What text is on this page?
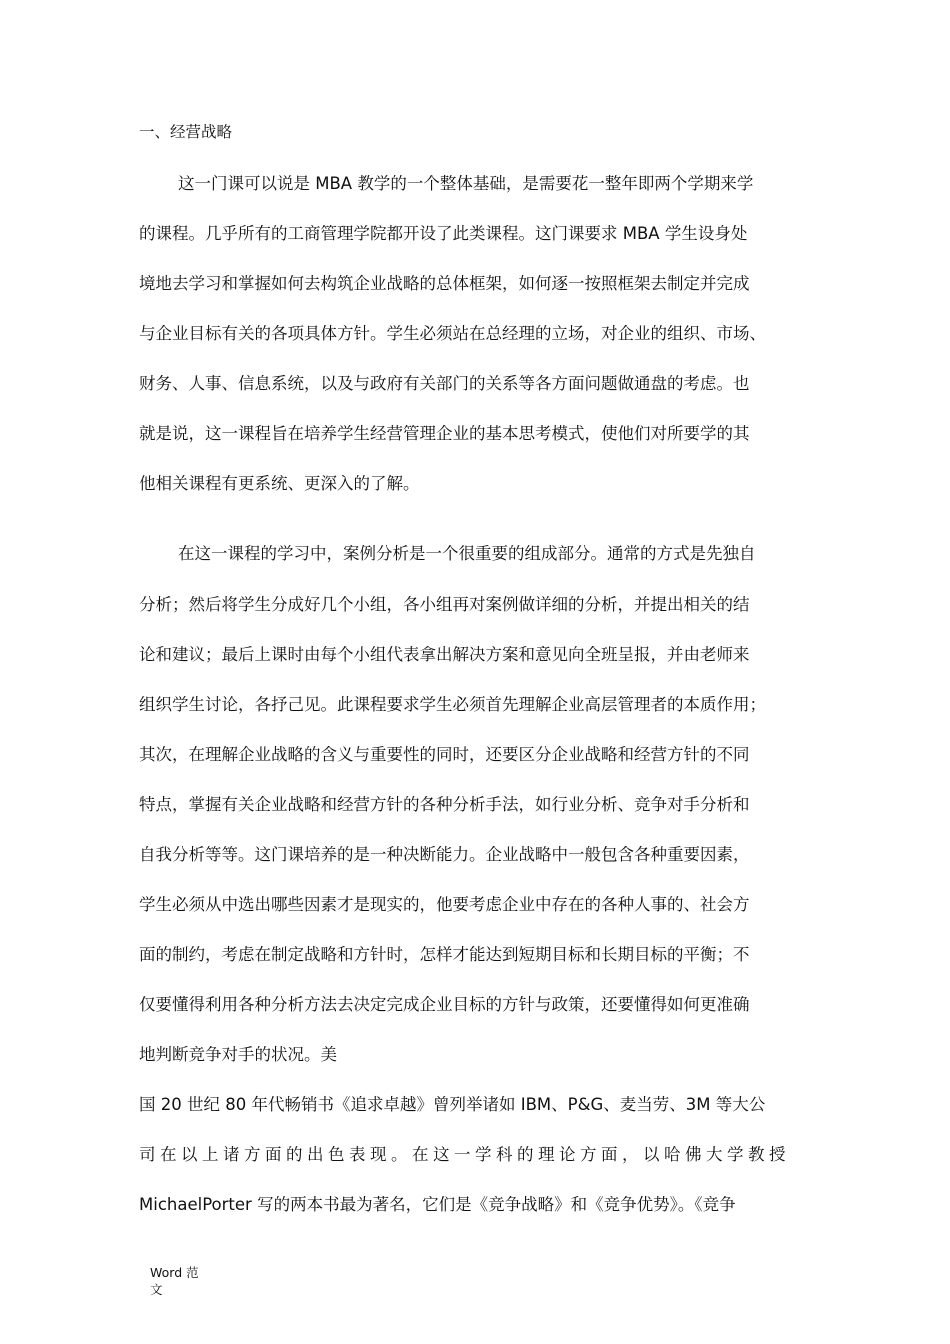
一、经营战略

这一门课可以说是 MBA 教学的一个整体基础，是需要花一整年即两个学期来学

的课程。几乎所有的工商管理学院都开设了此类课程。这门课要求 MBA 学生设身处

境地去学习和掌握如何去构筑企业战略的总体框架，如何逐一按照框架去制定并完成

与企业目标有关的各项具体方针。学生必须站在总经理的立场，对企业的组织、市场、

财务、人事、信息系统，以及与政府有关部门的关系等各方面问题做通盘的考虑。也

就是说，这一课程旨在培养学生经营管理企业的基本思考模式，使他们对所要学的其

他相关课程有更系统、更深入的了解。

在这一课程的学习中，案例分析是一个很重要的组成部分。通常的方式是先独自

分析；然后将学生分成好几个小组，各小组再对案例做详细的分析，并提出相关的结

论和建议；最后上课时由每个小组代表拿出解决方案和意见向全班呈报，并由老师来

组织学生讨论，各抒己见。此课程要求学生必须首先理解企业高层管理者的本质作用；

其次，在理解企业战略的含义与重要性的同时，还要区分企业战略和经营方针的不同

特点，掌握有关企业战略和经营方针的各种分析手法，如行业分析、竞争对手分析和

自我分析等等。这门课培养的是一种决断能力。企业战略中一般包含各种重要因素，

学生必须从中选出哪些因素才是现实的，他要考虑企业中存在的各种人事的、社会方

面的制约，考虑在制定战略和方针时，怎样才能达到短期目标和长期目标的平衡；不

仅要懂得利用各种分析方法去决定完成企业目标的方针与政策，还要懂得如何更准确

地判断竞争对手的状况。美

国 20 世纪 80 年代畅销书《追求卓越》曾列举诸如 IBM、P&G、麦当劳、3M 等大公

司在以上诸方面的出色表现。在这一学科的理论方面，以哈佛大学教授

MichaelPorter 写的两本书最为著名，它们是《竞争战略》和《竞争优势》。《竞争

Word 范

文
